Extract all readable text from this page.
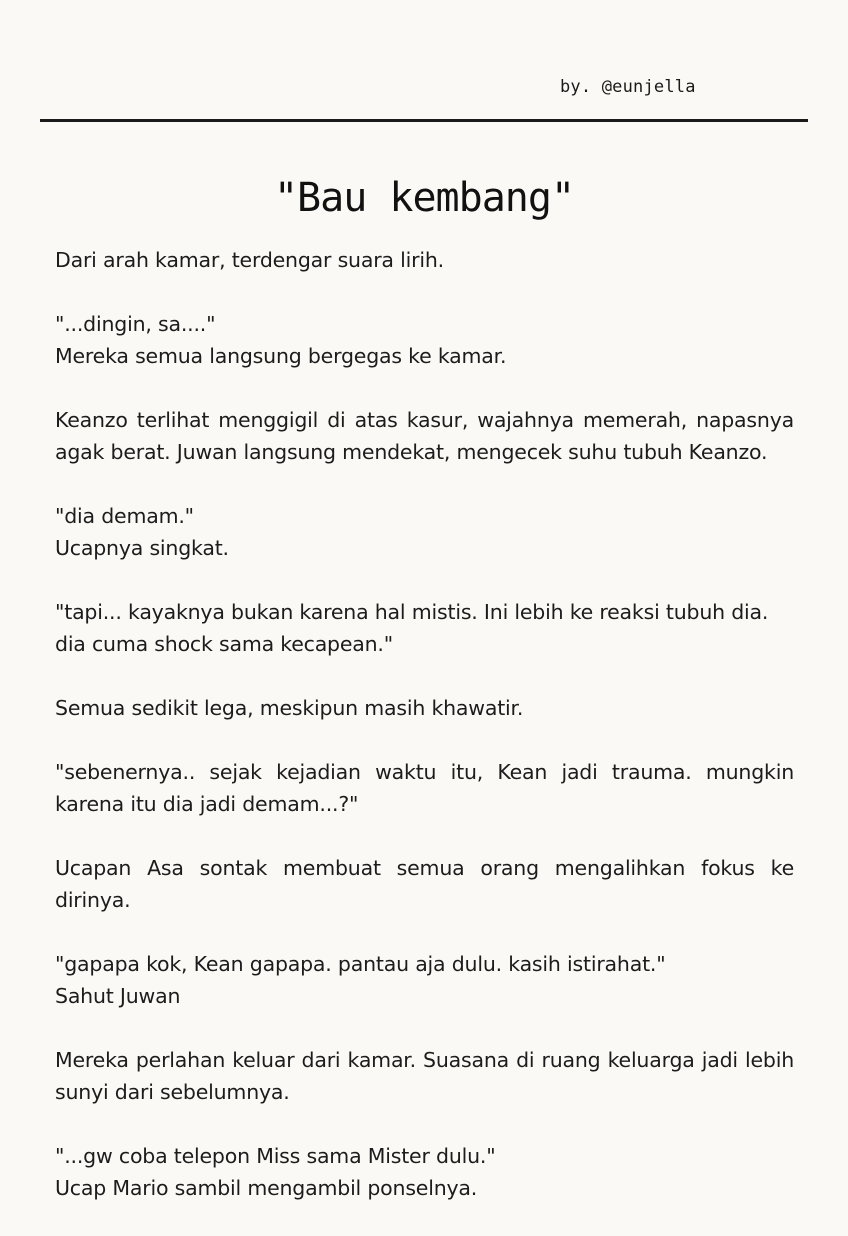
by. @eunjella
"Bau kembang"

Dari arah kamar, terdengar suara lirih.

"...dingin, sa...."
Mereka semua langsung bergegas ke kamar.

Keanzo terlihat menggigil di atas kasur, wajahnya memerah, napasnya agak berat. Juwan langsung mendekat, mengecek suhu tubuh Keanzo.

"dia demam."
Ucapnya singkat.

"tapi... kayaknya bukan karena hal mistis. Ini lebih ke reaksi tubuh dia. dia cuma shock sama kecapean."

Semua sedikit lega, meskipun masih khawatir.

"sebenernya.. sejak kejadian waktu itu, Kean jadi trauma. mungkin karena itu dia jadi demam...?"

Ucapan Asa sontak membuat semua orang mengalihkan fokus ke dirinya.

"gapapa kok, Kean gapapa. pantau aja dulu. kasih istirahat."
Sahut Juwan

Mereka perlahan keluar dari kamar. Suasana di ruang keluarga jadi lebih sunyi dari sebelumnya.

"...gw coba telepon Miss sama Mister dulu."
Ucap Mario sambil mengambil ponselnya.
